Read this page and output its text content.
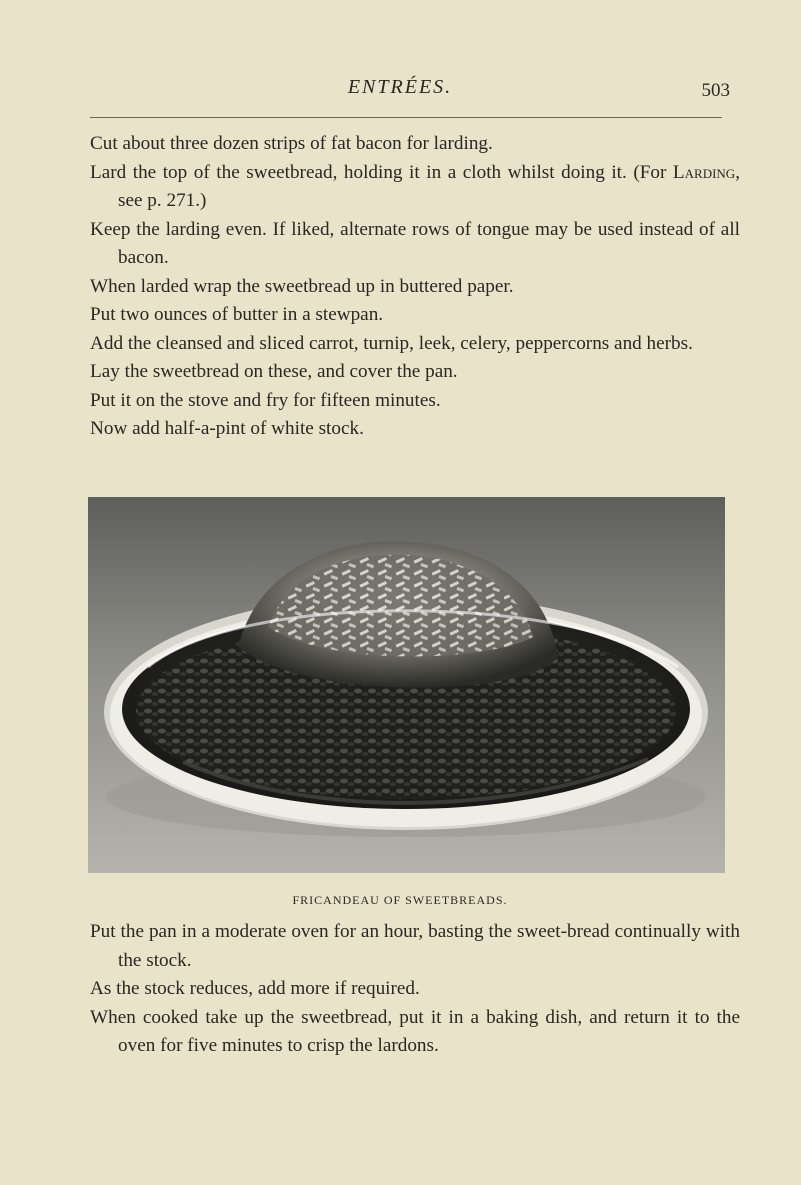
ENTRÉES.	503

Cut about three dozen strips of fat bacon for larding.

Lard the top of the sweetbread, holding it in a cloth whilst doing it. (For Larding, see p. 271.)

Keep the larding even. If liked, alternate rows of tongue may be used instead of all bacon.

When larded wrap the sweetbread up in buttered paper.

Put two ounces of butter in a stewpan.

Add the cleansed and sliced carrot, turnip, leek, celery, peppercorns and herbs.

Lay the sweetbread on these, and cover the pan.

Put it on the stove and fry for fifteen minutes.

Now add half-a-pint of white stock.

FRICANDEAU OF SWEETBREADS.

Put the pan in a moderate oven for an hour, basting the sweet-bread continually with the stock.

As the stock reduces, add more if required.

When cooked take up the sweetbread, put it in a baking dish, and return it to the oven for five minutes to crisp the lardons.
